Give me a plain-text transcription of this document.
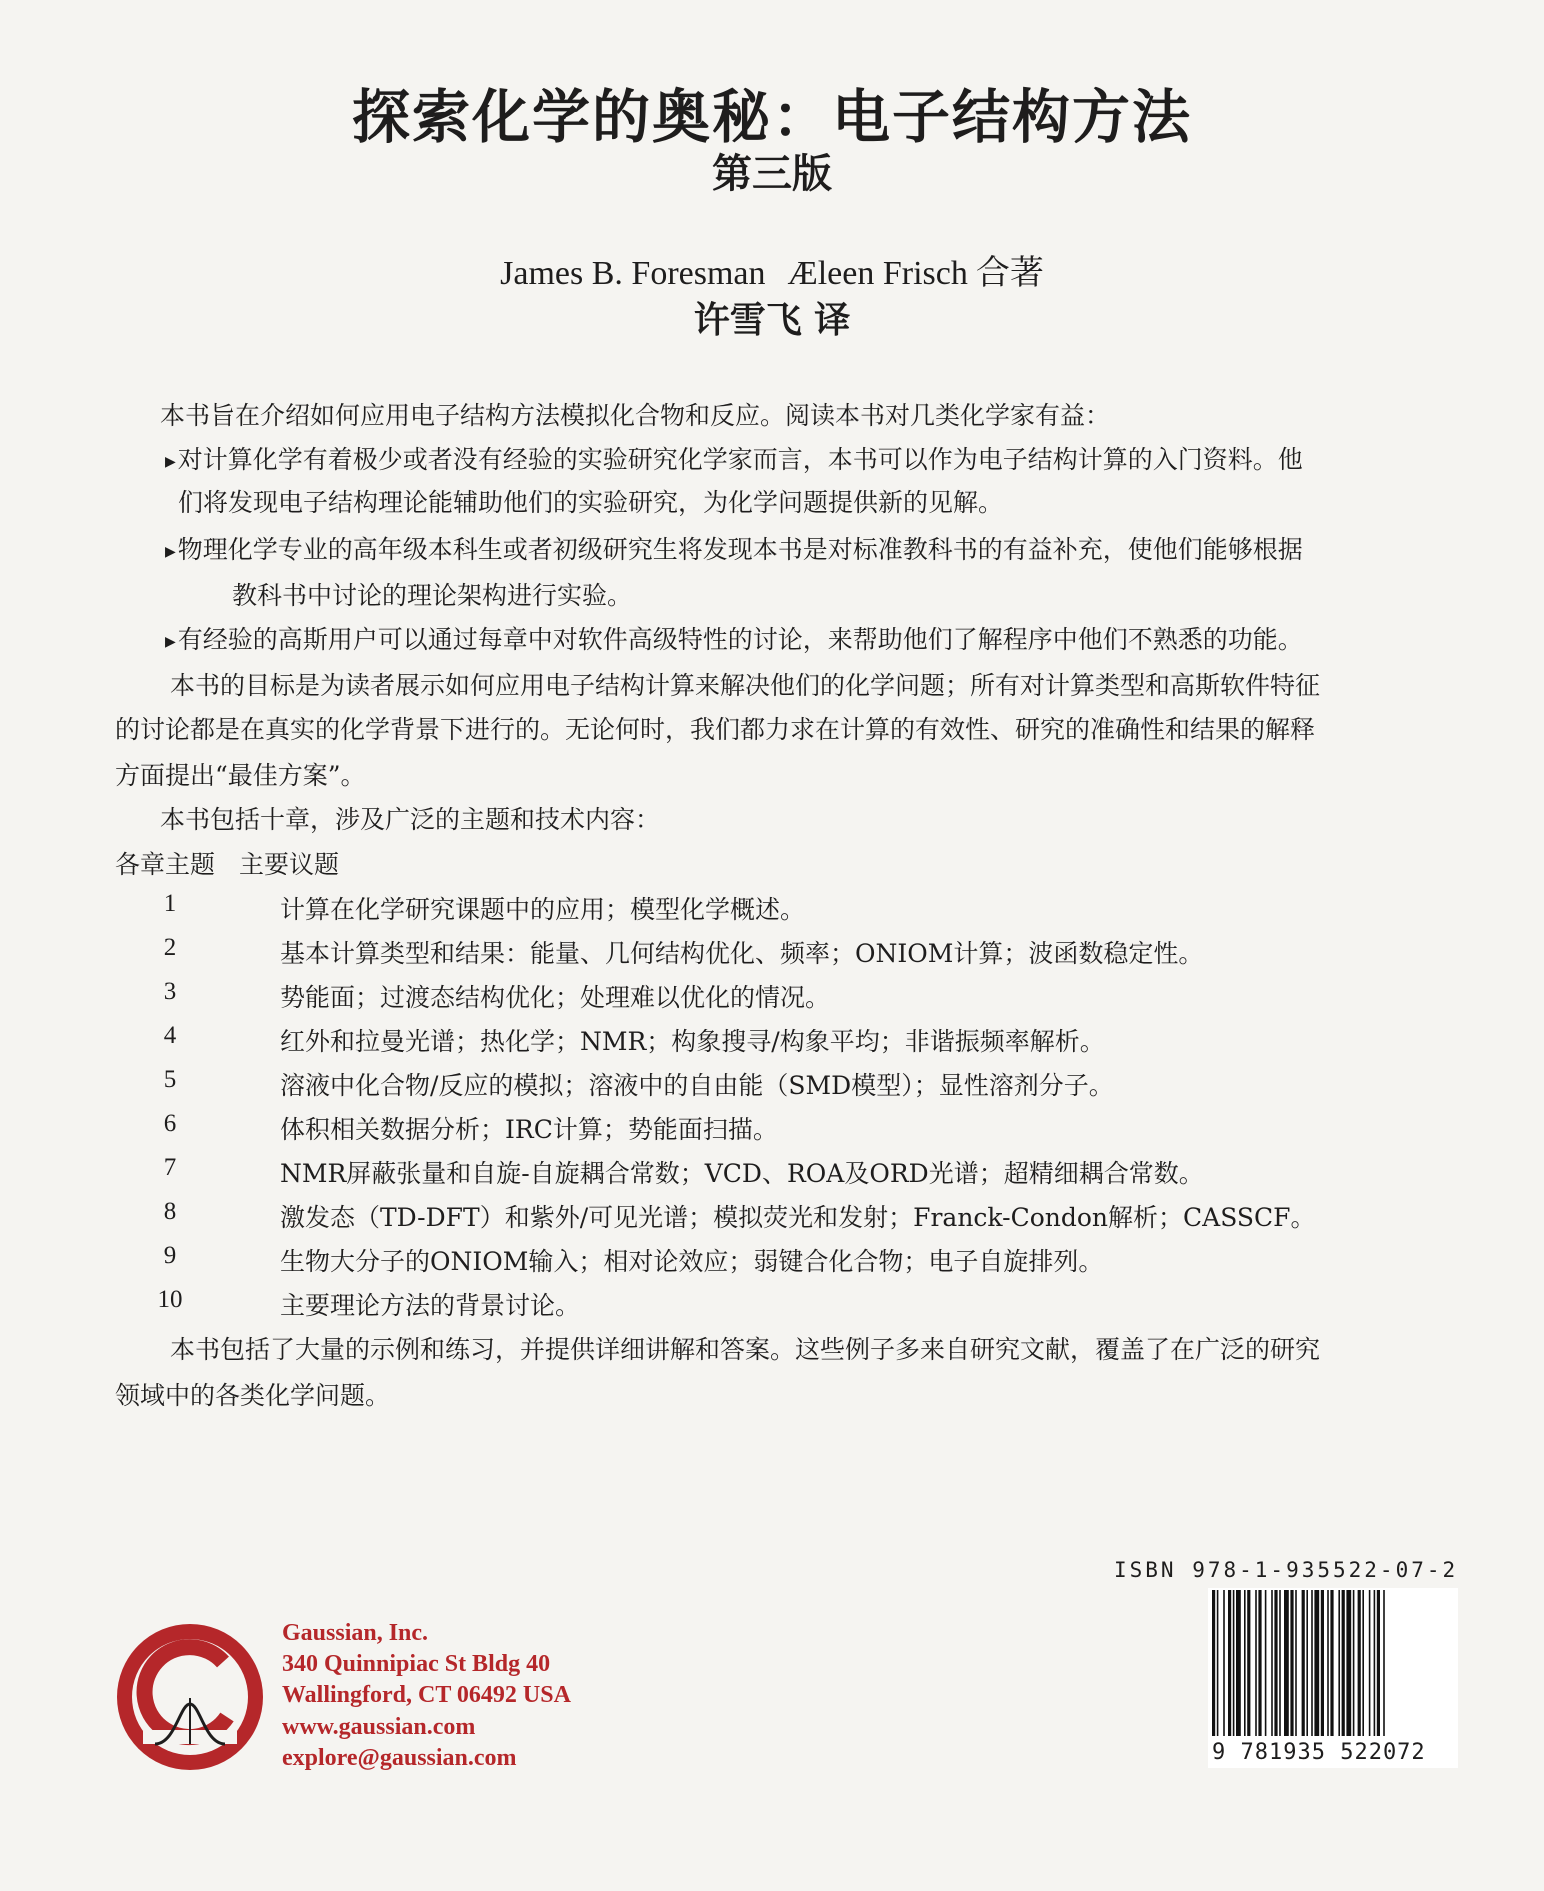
探索化学的奥秘：电子结构方法
第三版
James B. Foresman Æleen Frisch 合著
许雪飞 译
本书旨在介绍如何应用电子结构方法模拟化合物和反应。阅读本书对几类化学家有益：
▶对计算化学有着极少或者没有经验的实验研究化学家而言，本书可以作为电子结构计算的入门资料。他
们将发现电子结构理论能辅助他们的实验研究，为化学问题提供新的见解。
▶物理化学专业的高年级本科生或者初级研究生将发现本书是对标准教科书的有益补充，使他们能够根据
教科书中讨论的理论架构进行实验。
▶有经验的高斯用户可以通过每章中对软件高级特性的讨论，来帮助他们了解程序中他们不熟悉的功能。
本书的目标是为读者展示如何应用电子结构计算来解决他们的化学问题；所有对计算类型和高斯软件特征
的讨论都是在真实的化学背景下进行的。无论何时，我们都力求在计算的有效性、研究的准确性和结果的解释
方面提出“最佳方案”。
本书包括十章，涉及广泛的主题和技术内容：
各章主题 主要议题
1	计算在化学研究课题中的应用；模型化学概述。
2	基本计算类型和结果：能量、几何结构优化、频率；ONIOM计算；波函数稳定性。
3	势能面；过渡态结构优化；处理难以优化的情况。
4	红外和拉曼光谱；热化学；NMR；构象搜寻/构象平均；非谐振频率解析。
5	溶液中化合物/反应的模拟；溶液中的自由能（SMD模型）；显性溶剂分子。
6	体积相关数据分析；IRC计算；势能面扫描。
7	NMR屏蔽张量和自旋-自旋耦合常数；VCD、ROA及ORD光谱；超精细耦合常数。
8	激发态（TD-DFT）和紫外/可见光谱；模拟荧光和发射；Franck-Condon解析；CASSCF。
9	生物大分子的ONIOM输入；相对论效应；弱键合化合物；电子自旋排列。
10	主要理论方法的背景讨论。
本书包括了大量的示例和练习，并提供详细讲解和答案。这些例子多来自研究文献，覆盖了在广泛的研究
领域中的各类化学问题。
ISBN 978-1-935522-07-2
9 781935 522072
Gaussian, Inc.
340 Quinnipiac St Bldg 40
Wallingford, CT 06492 USA
www.gaussian.com
explore@gaussian.com
